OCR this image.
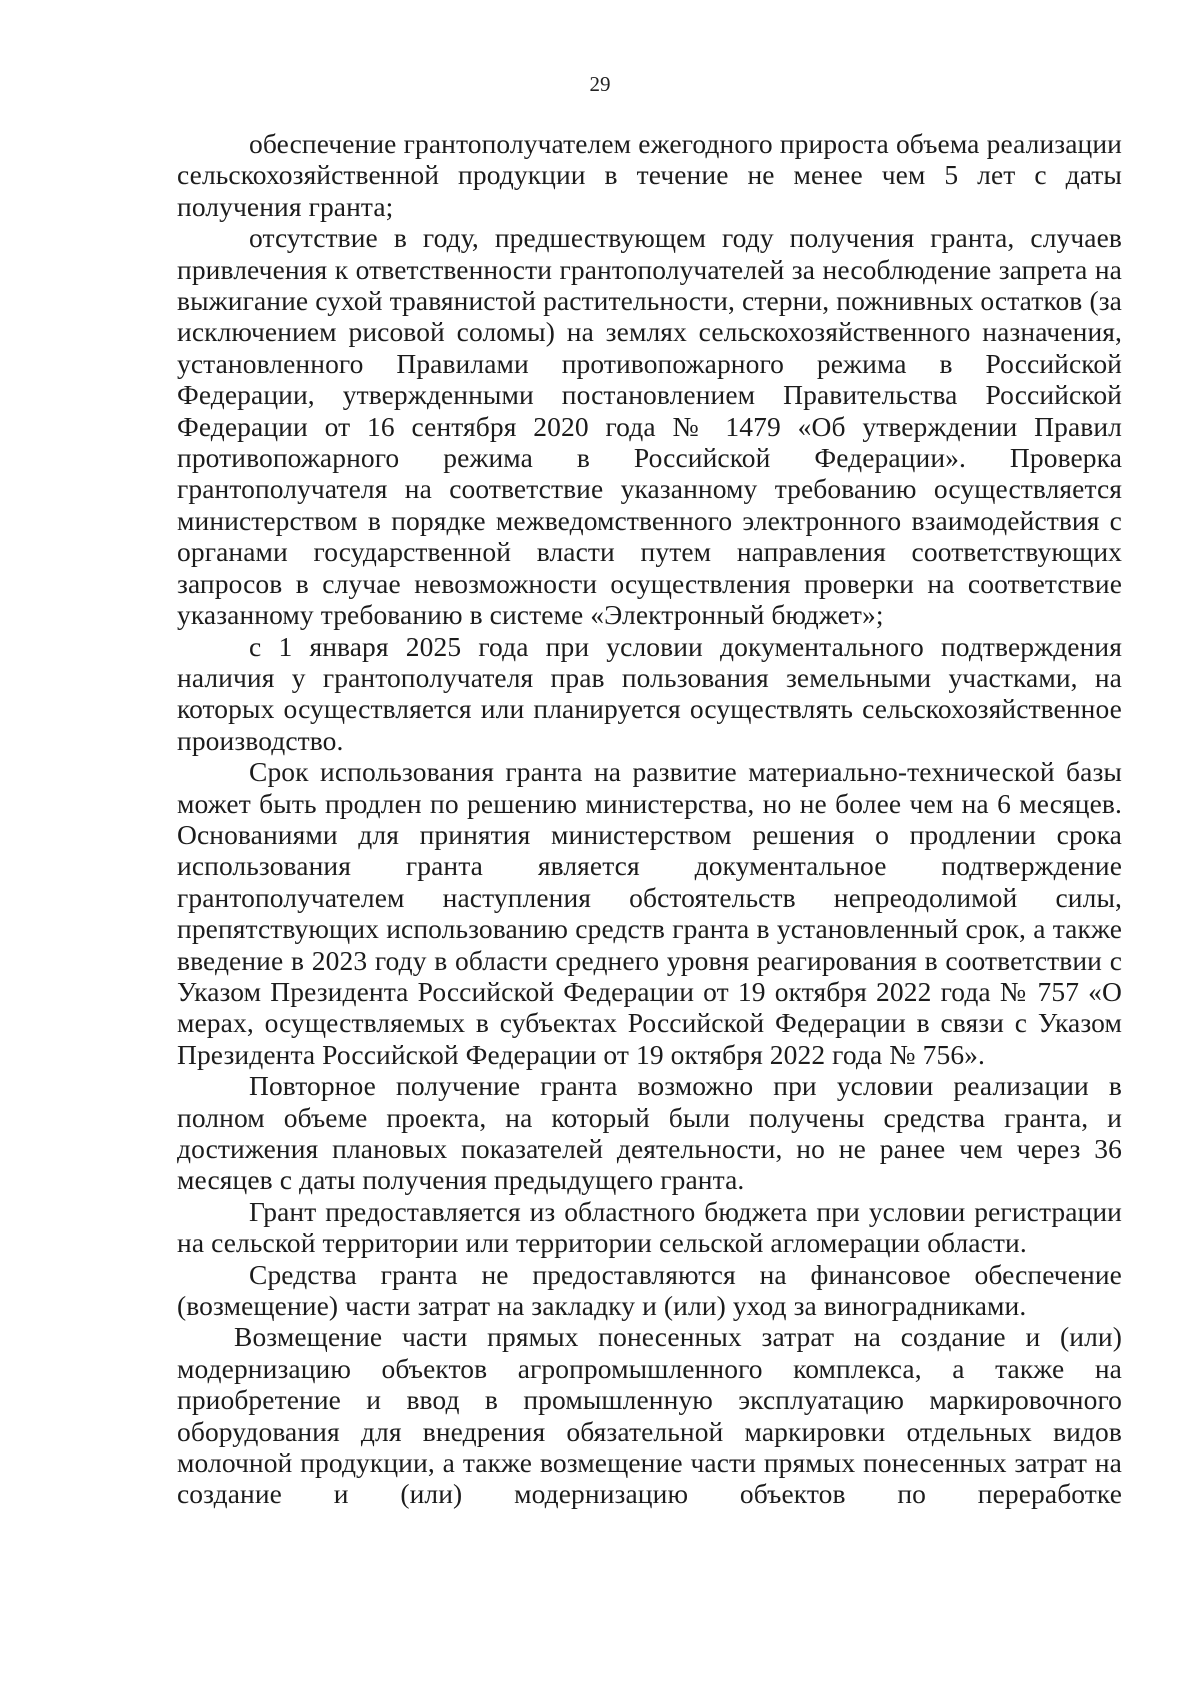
29

обеспечение грантополучателем ежегодного прироста объема реализации сельскохозяйственной продукции в течение не менее чем 5 лет с даты получения гранта;

отсутствие в году, предшествующем году получения гранта, случаев привлечения к ответственности грантополучателей за несоблюдение запрета на выжигание сухой травянистой растительности, стерни, пожнивных остатков (за исключением рисовой соломы) на землях сельскохозяйственного назначения, установленного Правилами противопожарного режима в Российской Федерации, утвержденными постановлением Правительства Российской Федерации от 16 сентября 2020 года № 1479 «Об утверждении Правил противопожарного режима в Российской Федерации». Проверка грантополучателя на соответствие указанному требованию осуществляется министерством в порядке межведомственного электронного взаимодействия с органами государственной власти путем направления соответствующих запросов в случае невозможности осуществления проверки на соответствие указанному требованию в системе «Электронный бюджет»;

с 1 января 2025 года при условии документального подтверждения наличия у грантополучателя прав пользования земельными участками, на которых осуществляется или планируется осуществлять сельскохозяйственное производство.

Срок использования гранта на развитие материально-технической базы может быть продлен по решению министерства, но не более чем на 6 месяцев. Основаниями для принятия министерством решения о продлении срока использования гранта является документальное подтверждение грантополучателем наступления обстоятельств непреодолимой силы, препятствующих использованию средств гранта в установленный срок, а также введение в 2023 году в области среднего уровня реагирования в соответствии с Указом Президента Российской Федерации от 19 октября 2022 года № 757 «О мерах, осуществляемых в субъектах Российской Федерации в связи с Указом Президента Российской Федерации от 19 октября 2022 года № 756».

Повторное получение гранта возможно при условии реализации в полном объеме проекта, на который были получены средства гранта, и достижения плановых показателей деятельности, но не ранее чем через 36 месяцев с даты получения предыдущего гранта.

Грант предоставляется из областного бюджета при условии регистрации на сельской территории или территории сельской агломерации области.

Средства гранта не предоставляются на финансовое обеспечение (возмещение) части затрат на закладку и (или) уход за виноградниками.

Возмещение части прямых понесенных затрат на создание и (или) модернизацию объектов агропромышленного комплекса, а также на приобретение и ввод в промышленную эксплуатацию маркировочного оборудования для внедрения обязательной маркировки отдельных видов молочной продукции, а также возмещение части прямых понесенных затрат на создание и (или) модернизацию объектов по переработке
